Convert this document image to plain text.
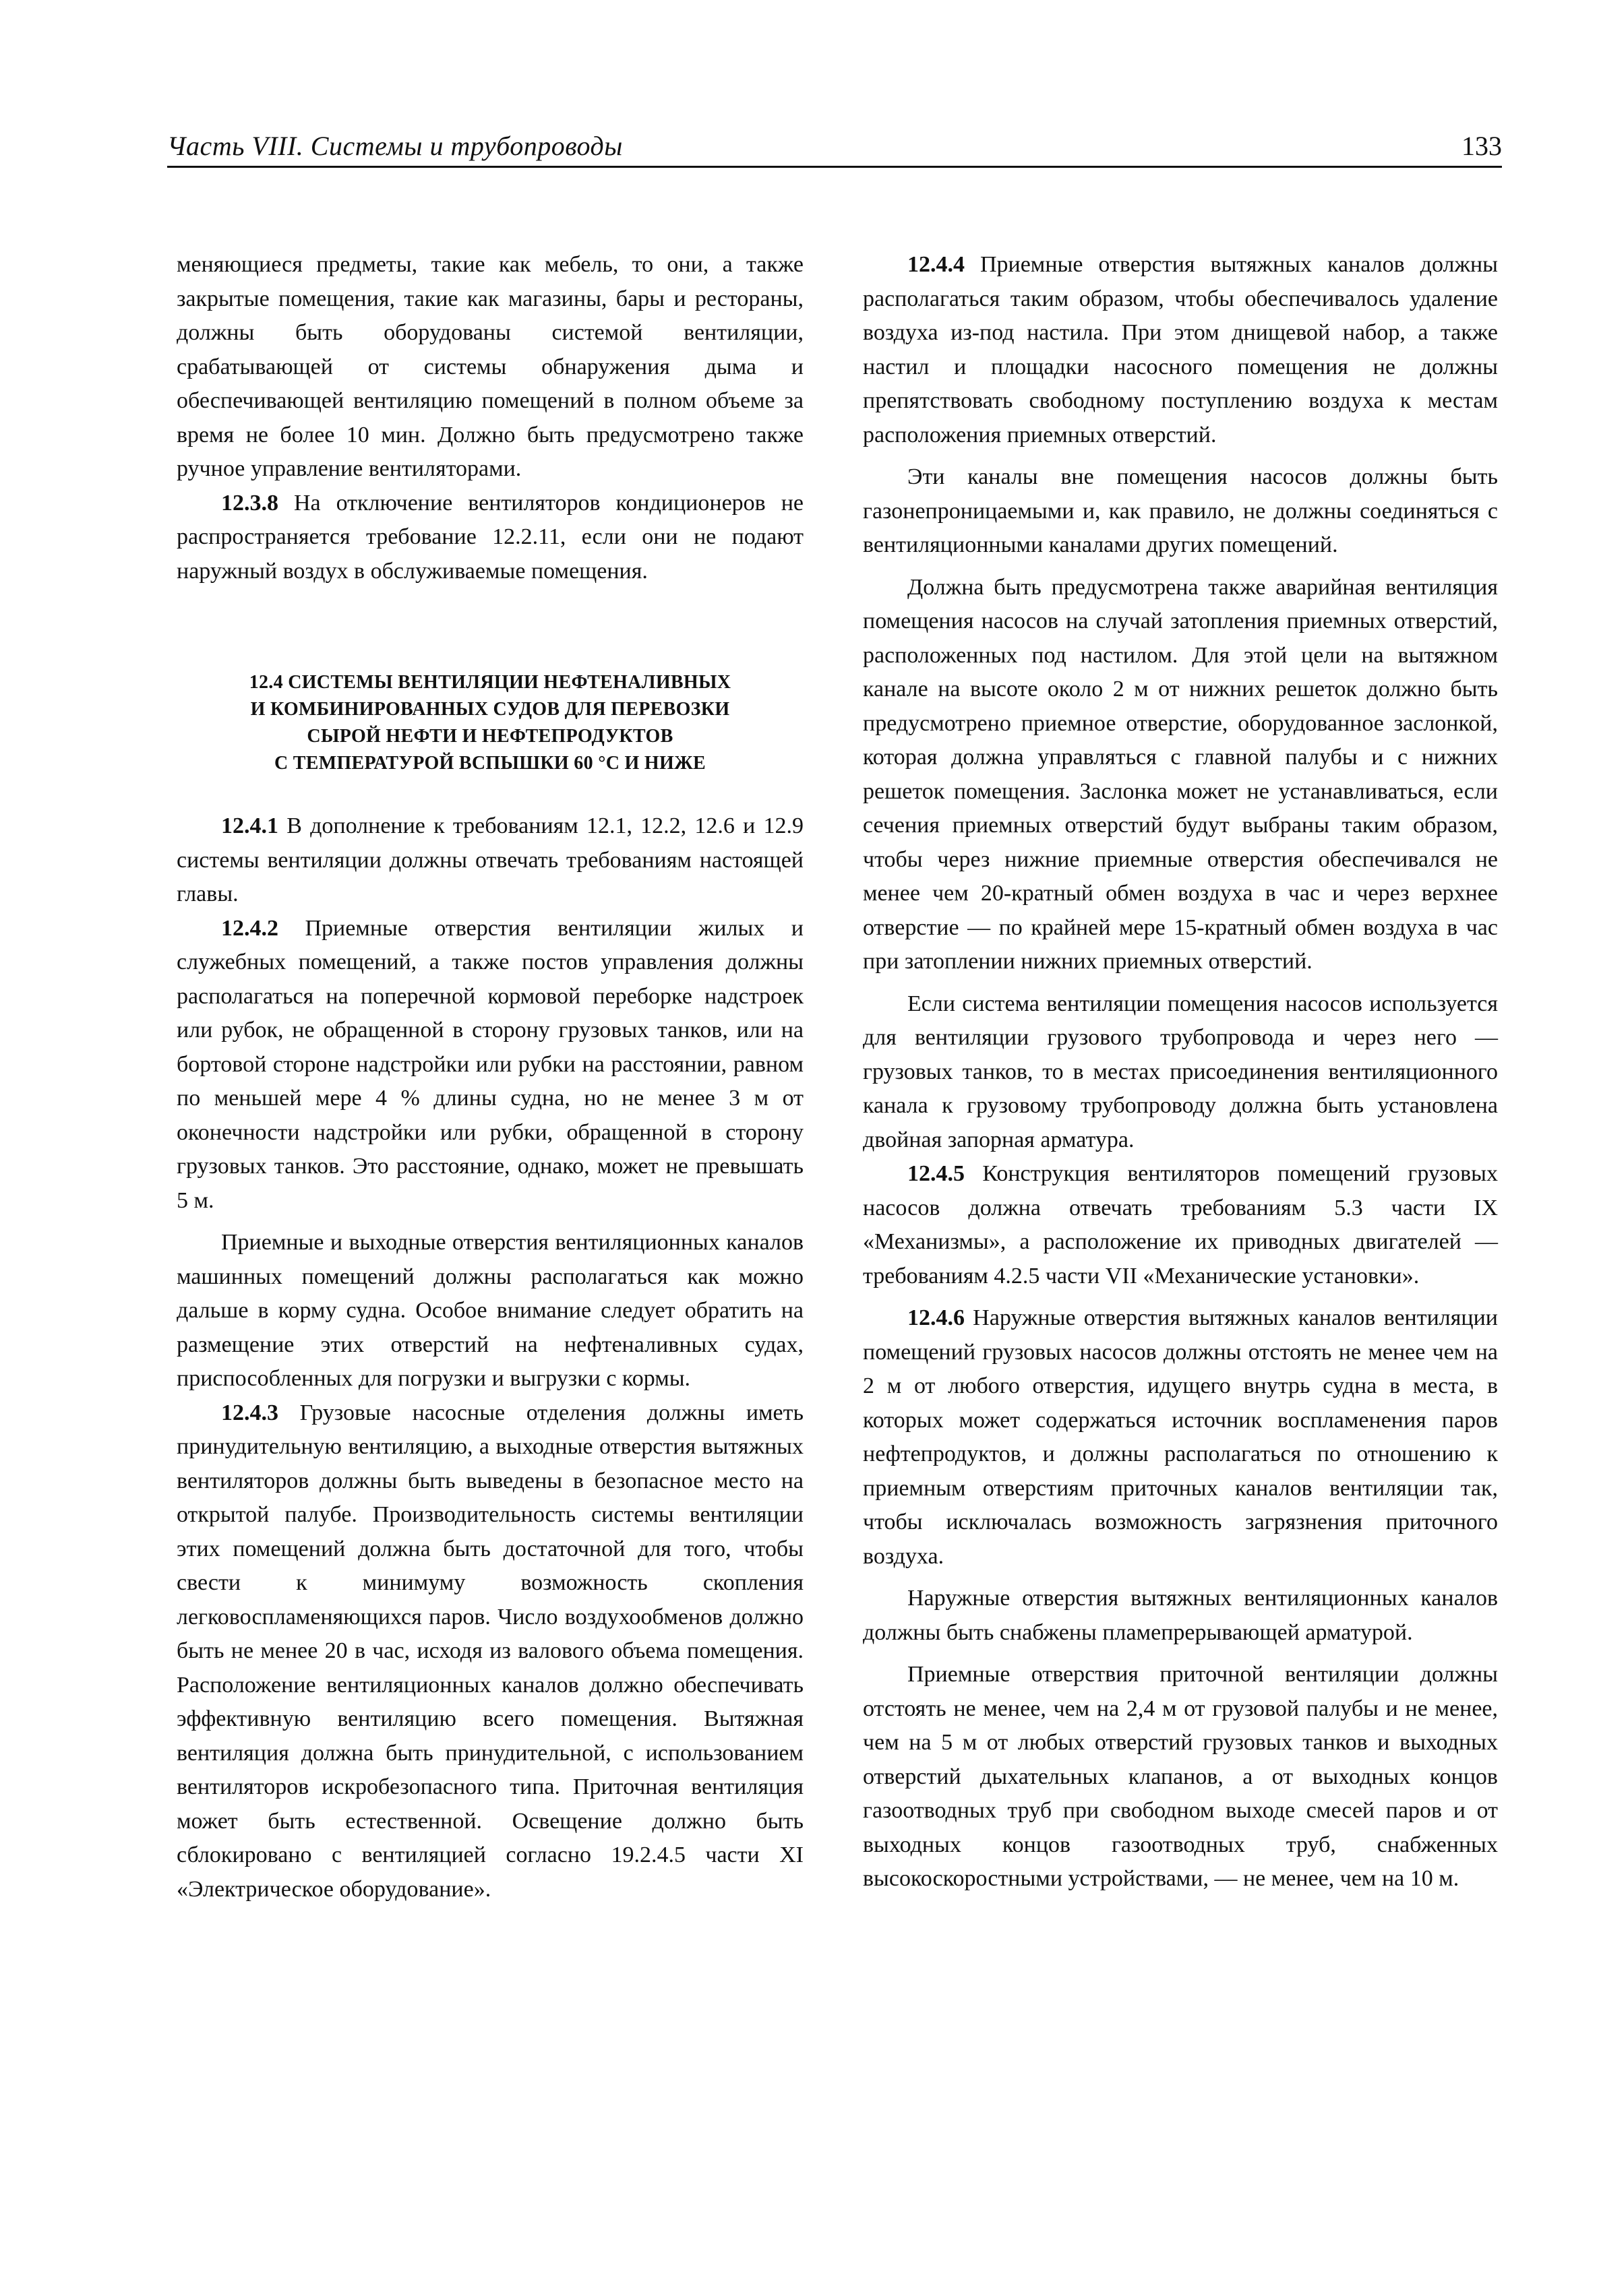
Часть VIII. Системы и трубопроводы	133

меняющиеся предметы, такие как мебель, то они, а также закрытые помещения, такие как магазины, бары и рестораны, должны быть оборудованы системой вентиляции, срабатывающей от системы обнаружения дыма и обеспечивающей вентиляцию помещений в полном объеме за время не более 10 мин. Должно быть предусмотрено также ручное управление вентиляторами.

12.3.8 На отключение вентиляторов кондиционеров не распространяется требование 12.2.11, если они не подают наружный воздух в обслуживаемые помещения.

12.4 СИСТЕМЫ ВЕНТИЛЯЦИИ НЕФТЕНАЛИВНЫХ
И КОМБИНИРОВАННЫХ СУДОВ ДЛЯ ПЕРЕВОЗКИ
СЫРОЙ НЕФТИ И НЕФТЕПРОДУКТОВ
С ТЕМПЕРАТУРОЙ ВСПЫШКИ 60 °С И НИЖЕ

12.4.1 В дополнение к требованиям 12.1, 12.2, 12.6 и 12.9 системы вентиляции должны отвечать требованиям настоящей главы.

12.4.2 Приемные отверстия вентиляции жилых и служебных помещений, а также постов управления должны располагаться на поперечной кормовой переборке надстроек или рубок, не обращенной в сторону грузовых танков, или на бортовой стороне надстройки или рубки на расстоянии, равном по меньшей мере 4 % длины судна, но не менее 3 м от оконечности надстройки или рубки, обращенной в сторону грузовых танков. Это расстояние, однако, может не превышать 5 м.

Приемные и выходные отверстия вентиляционных каналов машинных помещений должны располагаться как можно дальше в корму судна. Особое внимание следует обратить на размещение этих отверстий на нефтеналивных судах, приспособленных для погрузки и выгрузки с кормы.

12.4.3 Грузовые насосные отделения должны иметь принудительную вентиляцию, а выходные отверстия вытяжных вентиляторов должны быть выведены в безопасное место на открытой палубе. Производительность системы вентиляции этих помещений должна быть достаточной для того, чтобы свести к минимуму возможность скопления легковоспламеняющихся паров. Число воздухообменов должно быть не менее 20 в час, исходя из валового объема помещения. Расположение вентиляционных каналов должно обеспечивать эффективную вентиляцию всего помещения. Вытяжная вентиляция должна быть принудительной, с использованием вентиляторов искробезопасного типа. Приточная вентиляция может быть естественной. Освещение должно быть сблокировано с вентиляцией согласно 19.2.4.5 части XI «Электрическое оборудование».

12.4.4 Приемные отверстия вытяжных каналов должны располагаться таким образом, чтобы обеспечивалось удаление воздуха из-под настила. При этом днищевой набор, а также настил и площадки насосного помещения не должны препятствовать свободному поступлению воздуха к местам расположения приемных отверстий.

Эти каналы вне помещения насосов должны быть газонепроницаемыми и, как правило, не должны соединяться с вентиляционными каналами других помещений.

Должна быть предусмотрена также аварийная вентиляция помещения насосов на случай затопления приемных отверстий, расположенных под настилом. Для этой цели на вытяжном канале на высоте около 2 м от нижних решеток должно быть предусмотрено приемное отверстие, оборудованное заслонкой, которая должна управляться с главной палубы и с нижних решеток помещения. Заслонка может не устанавливаться, если сечения приемных отверстий будут выбраны таким образом, чтобы через нижние приемные отверстия обеспечивался не менее чем 20-кратный обмен воздуха в час и через верхнее отверстие — по крайней мере 15-кратный обмен воздуха в час при затоплении нижних приемных отверстий.

Если система вентиляции помещения насосов используется для вентиляции грузового трубопровода и через него — грузовых танков, то в местах присоединения вентиляционного канала к грузовому трубопроводу должна быть установлена двойная запорная арматура.

12.4.5 Конструкция вентиляторов помещений грузовых насосов должна отвечать требованиям 5.3 части IX «Механизмы», а расположение их приводных двигателей — требованиям 4.2.5 части VII «Механические установки».

12.4.6 Наружные отверстия вытяжных каналов вентиляции помещений грузовых насосов должны отстоять не менее чем на 2 м от любого отверстия, идущего внутрь судна в места, в которых может содержаться источник воспламенения паров нефтепродуктов, и должны располагаться по отношению к приемным отверстиям приточных каналов вентиляции так, чтобы исключалась возможность загрязнения приточного воздуха.

Наружные отверстия вытяжных вентиляционных каналов должны быть снабжены пламепрерывающей арматурой.

Приемные отверствия приточной вентиляции должны отстоять не менее, чем на 2,4 м от грузовой палубы и не менее, чем на 5 м от любых отверстий грузовых танков и выходных отверстий дыхательных клапанов, а от выходных концов газоотводных труб при свободном выходе смесей паров и от выходных концов газоотводных труб, снабженных высокоскоростными устройствами, — не менее, чем на 10 м.
